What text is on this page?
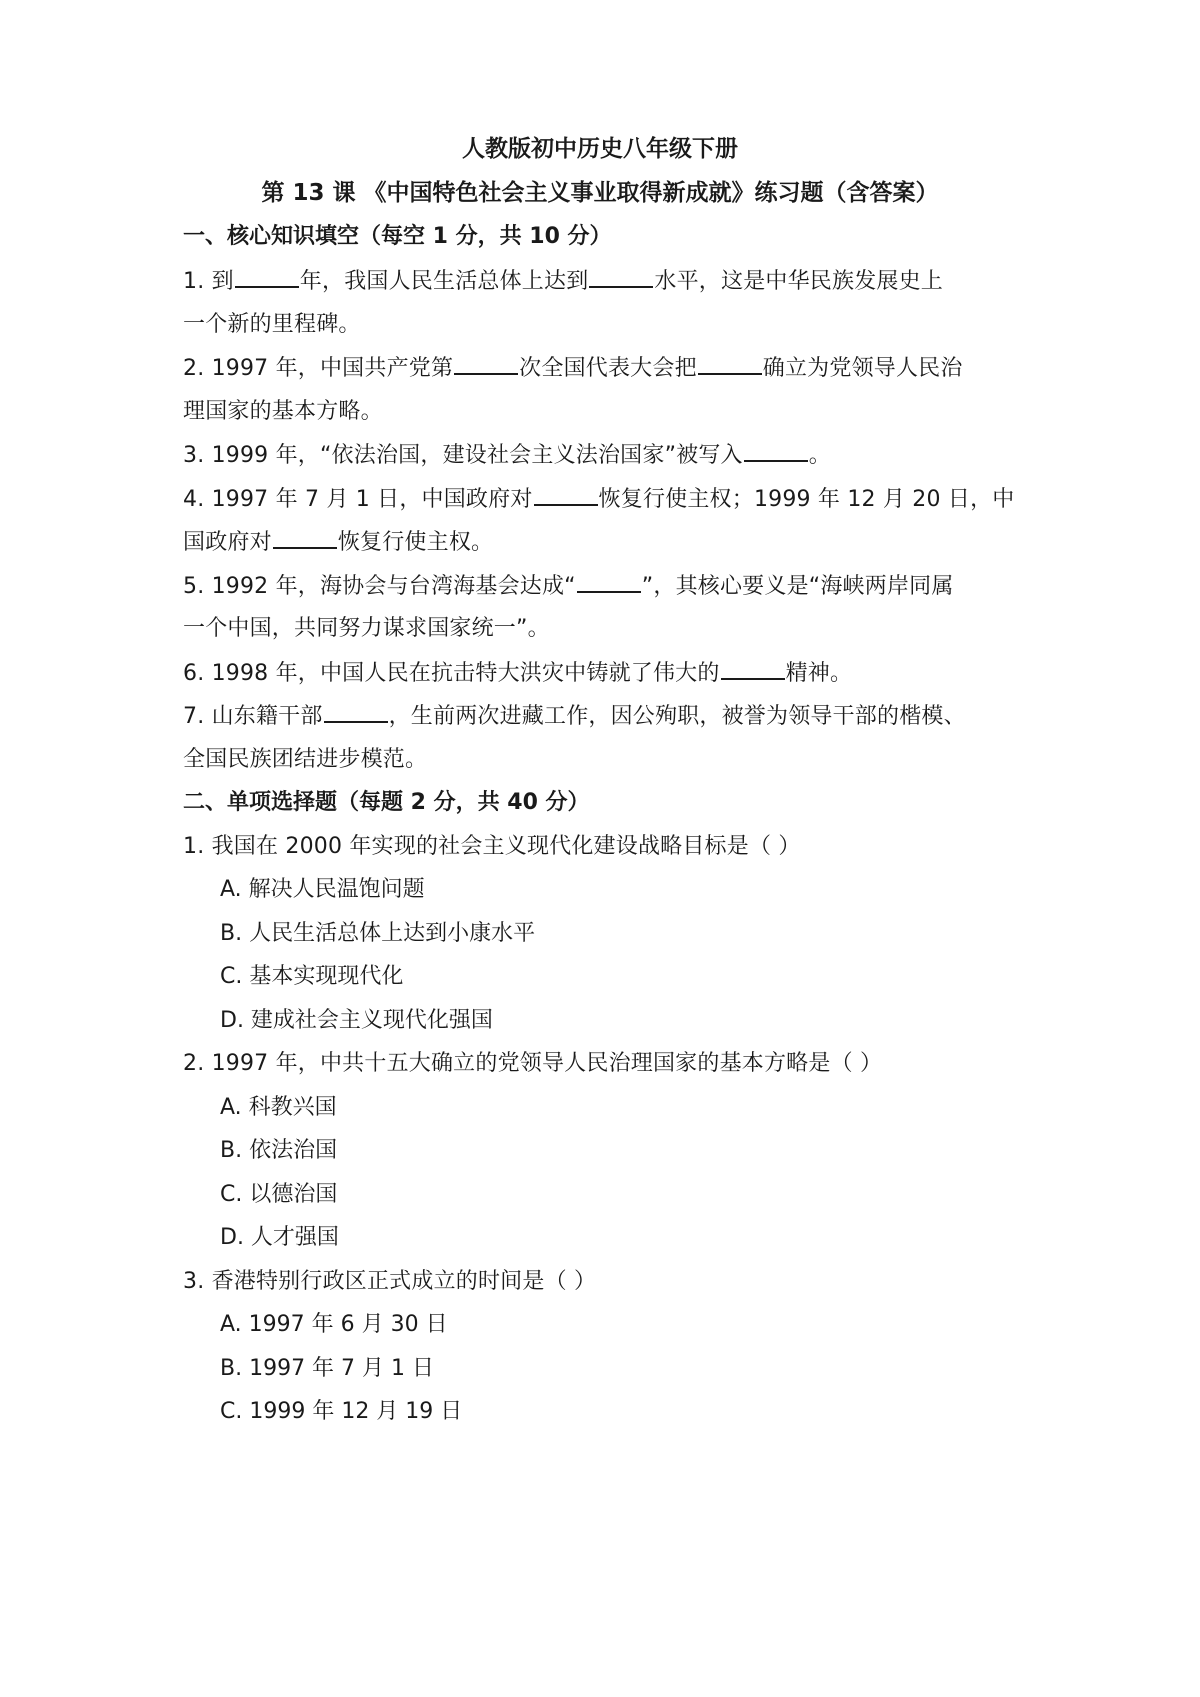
人教版初中历史八年级下册
第 13 课 《中国特色社会主义事业取得新成就》练习题（含答案）
一、核心知识填空（每空 1 分，共 10 分）
1. 到	年，我国人民生活总体上达到	水平，这是中华民族发展史上
一个新的里程碑。
2. 1997 年，中国共产党第	次全国代表大会把	确立为党领导人民治
理国家的基本方略。
3. 1999 年，“依法治国，建设社会主义法治国家”被写入	。
4. 1997 年 7 月 1 日，中国政府对	恢复行使主权；1999 年 12 月 20 日，中
国政府对	恢复行使主权。
5. 1992 年，海协会与台湾海基会达成“	”，其核心要义是“海峡两岸同属
一个中国，共同努力谋求国家统一”。
6. 1998 年，中国人民在抗击特大洪灾中铸就了伟大的	精神。
7. 山东籍干部	，生前两次进藏工作，因公殉职，被誉为领导干部的楷模、
全国民族团结进步模范。
二、单项选择题（每题 2 分，共 40 分）
1. 我国在 2000 年实现的社会主义现代化建设战略目标是（ ）
A. 解决人民温饱问题
B. 人民生活总体上达到小康水平
C. 基本实现现代化
D. 建成社会主义现代化强国
2. 1997 年，中共十五大确立的党领导人民治理国家的基本方略是（ ）
A. 科教兴国
B. 依法治国
C. 以德治国
D. 人才强国
3. 香港特别行政区正式成立的时间是（ ）
A. 1997 年 6 月 30 日
B. 1997 年 7 月 1 日
C. 1999 年 12 月 19 日
